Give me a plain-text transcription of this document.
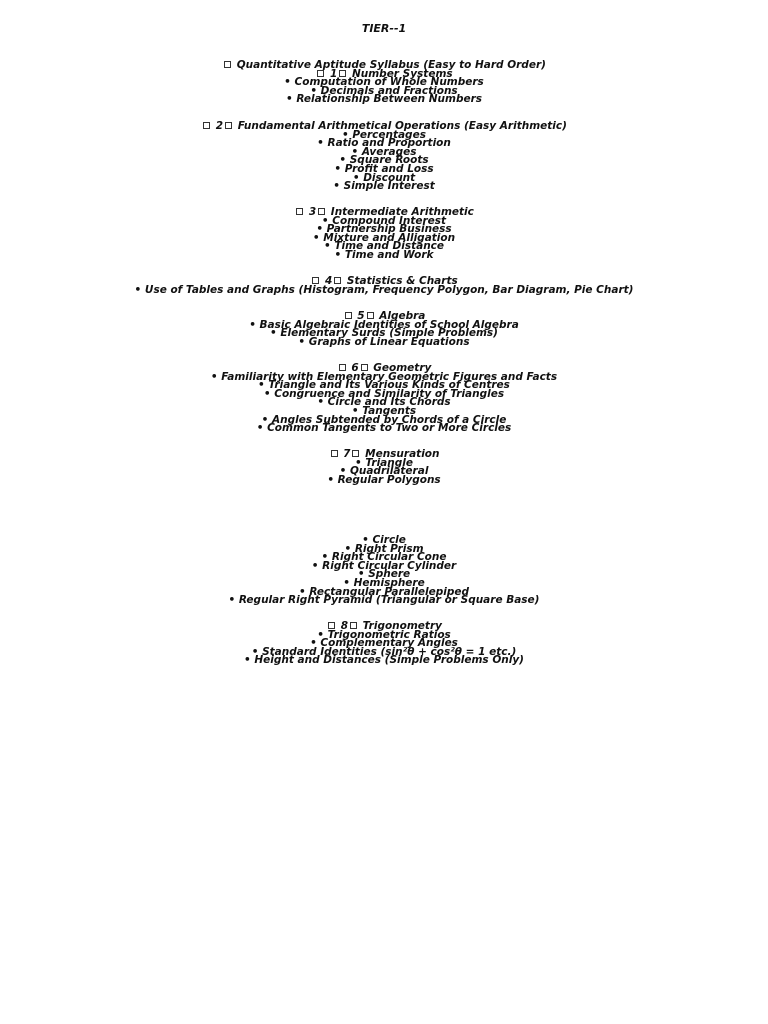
TIER--1
Quantitative Aptitude Syllabus (Easy to Hard Order)
1 Number Systems
• Computation of Whole Numbers
• Decimals and Fractions
• Relationship Between Numbers
2 Fundamental Arithmetical Operations (Easy Arithmetic)
• Percentages
• Ratio and Proportion
• Averages
• Square Roots
• Profit and Loss
• Discount
• Simple Interest
3 Intermediate Arithmetic
• Compound Interest
• Partnership Business
• Mixture and Alligation
• Time and Distance
• Time and Work
4 Statistics & Charts
• Use of Tables and Graphs (Histogram, Frequency Polygon, Bar Diagram, Pie Chart)
5 Algebra
• Basic Algebraic Identities of School Algebra
• Elementary Surds (Simple Problems)
• Graphs of Linear Equations
6 Geometry
• Familiarity with Elementary Geometric Figures and Facts
• Triangle and Its Various Kinds of Centres
• Congruence and Similarity of Triangles
• Circle and Its Chords
• Tangents
• Angles Subtended by Chords of a Circle
• Common Tangents to Two or More Circles
7 Mensuration
• Triangle
• Quadrilateral
• Regular Polygons
• Circle
• Right Prism
• Right Circular Cone
• Right Circular Cylinder
• Sphere
• Hemisphere
• Rectangular Parallelepiped
• Regular Right Pyramid (Triangular or Square Base)
8 Trigonometry
• Trigonometric Ratios
• Complementary Angles
• Standard Identities (sin²θ + cos²θ = 1 etc.)
• Height and Distances (Simple Problems Only)
